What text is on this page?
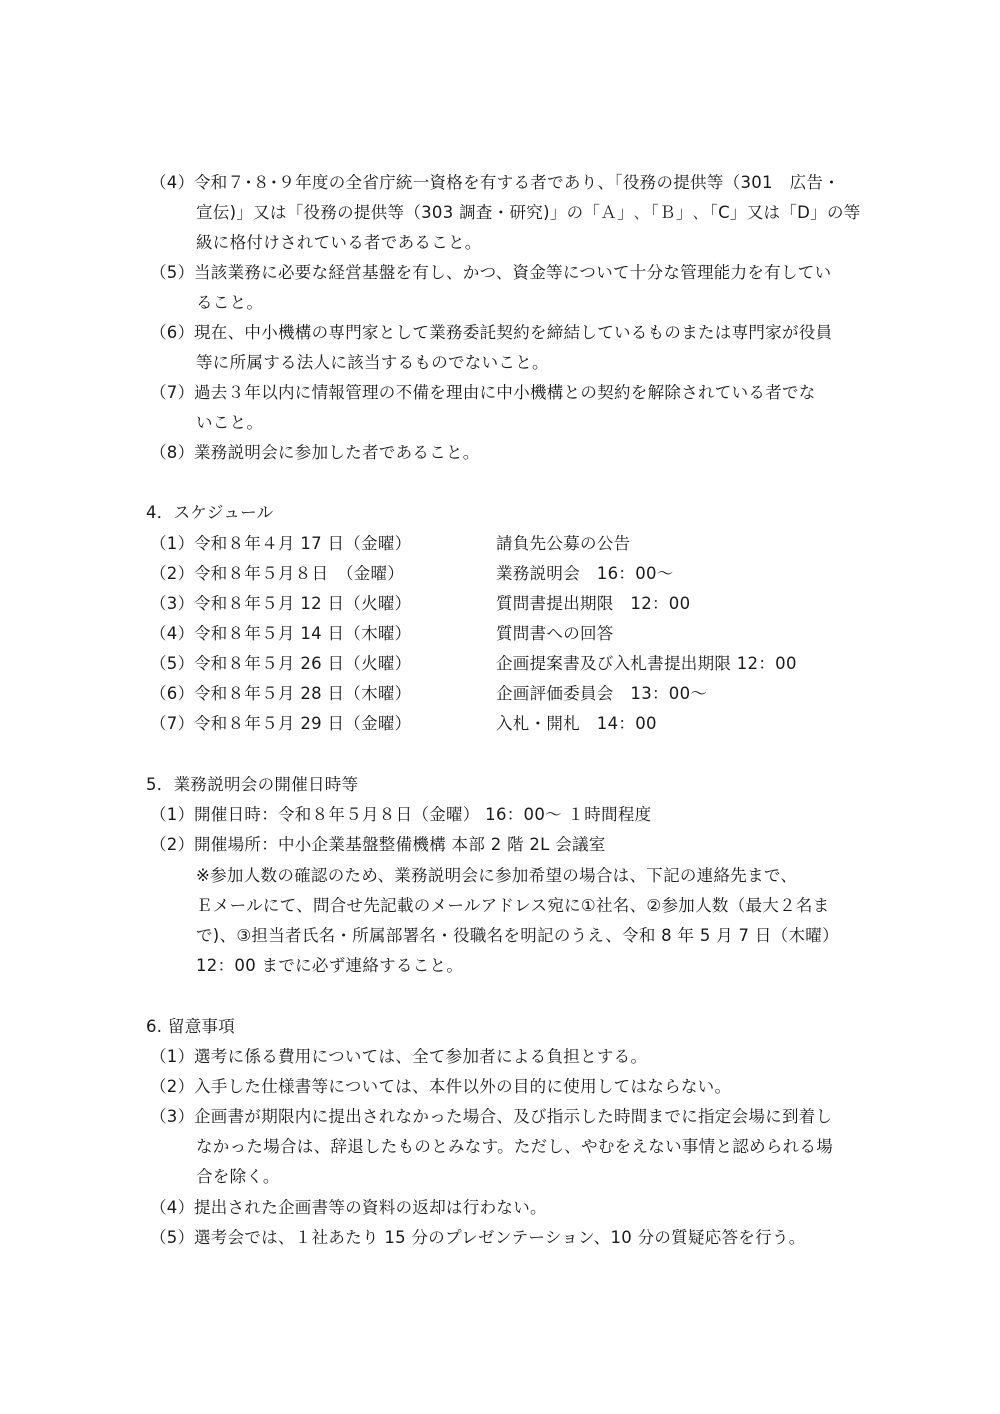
（4）令和７･８･９年度の全省庁統一資格を有する者であり、｢役務の提供等（301　広告・
宣伝)」又は「役務の提供等（303 調査・研究)」の「Ａ」､「Ｂ」､「C」又は「D」の等
級に格付けされている者であること。
（5）当該業務に必要な経営基盤を有し、かつ、資金等について十分な管理能力を有してい
ること。
（6）現在、中小機構の専門家として業務委託契約を締結しているものまたは専門家が役員
等に所属する法人に該当するものでないこと。
（7）過去３年以内に情報管理の不備を理由に中小機構との契約を解除されている者でな
いこと。
（8）業務説明会に参加した者であること。
4．スケジュール
（1） 令和８年４月 17 日（金曜）	請負先公募の公告
（2） 令和８年５月８日　（金曜）	業務説明会　16：00～
（3） 令和８年５月 12 日（火曜）	質問書提出期限　12：00
（4） 令和８年５月 14 日（木曜）	質問書への回答
（5） 令和８年５月 26 日（火曜）	企画提案書及び入札書提出期限 12：00
（6） 令和８年５月 28 日（木曜）	企画評価委員会　13：00～
（7） 令和８年５月 29 日（金曜）	入札・開札　14：00
5．業務説明会の開催日時等
（1）開催日時：令和８年５月８日（金曜） 16：00～ １時間程度
（2）開催場所：中小企業基盤整備機構 本部 2 階 2L 会議室
※参加人数の確認のため、業務説明会に参加希望の場合は、下記の連絡先まで、
Ｅメールにて、問合せ先記載のメールアドレス宛に①社名、②参加人数（最大２名ま
で)、③担当者氏名・所属部署名・役職名を明記のうえ、令和 8 年 5 月 7 日（木曜）
12：00 までに必ず連絡すること。
6. 留意事項
（1）選考に係る費用については、全て参加者による負担とする。
（2）入手した仕様書等については、本件以外の目的に使用してはならない。
（3）企画書が期限内に提出されなかった場合、及び指示した時間までに指定会場に到着し
なかった場合は、辞退したものとみなす。ただし、やむをえない事情と認められる場
合を除く。
（4）提出された企画書等の資料の返却は行わない。
（5）選考会では、１社あたり 15 分のプレゼンテーション、10 分の質疑応答を行う。
